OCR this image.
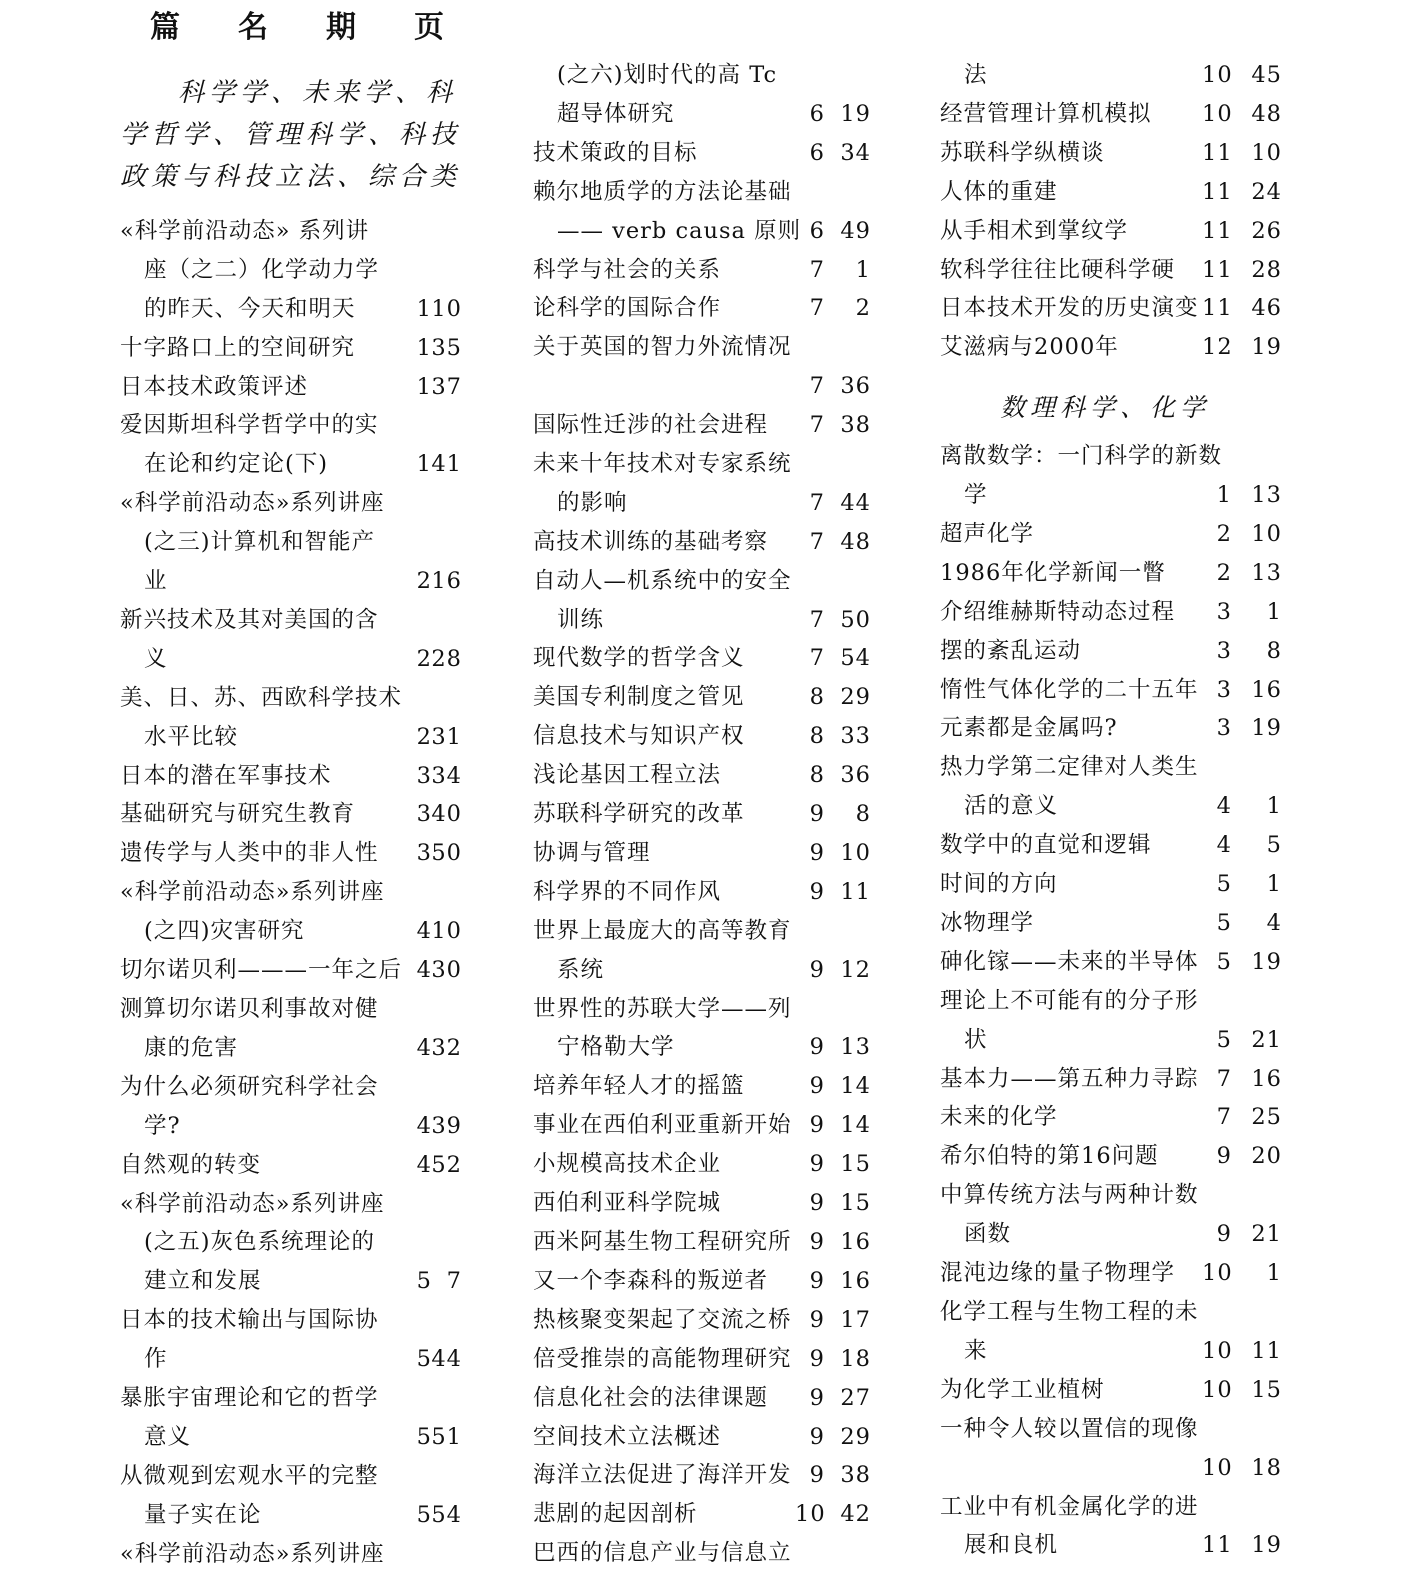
篇名期页
科学学、未来学、科学哲学、管理科学、科技政策与科技立法、综合类
«科学前沿动态» 系列讲
座（之二）化学动力学
的昨天、今天和明天	1 10
十字路口上的空间研究	1 35
日本技术政策评述	1 37
爱因斯坦科学哲学中的实
在论和约定论(下)	1 41
«科学前沿动态»系列讲座
(之三)计算机和智能产
业	2 16
新兴技术及其对美国的含
义	2 28
美、日、苏、西欧科学技术
水平比较	2 31
日本的潜在军事技术	3 34
基础研究与研究生教育	3 40
遗传学与人类中的非人性	3 50
«科学前沿动态»系列讲座
(之四)灾害研究	4 10
切尔诺贝利———一年之后 4 30
测算切尔诺贝利事故对健
康的危害	4 32
为什么必须研究科学社会
学?	4 39
自然观的转变	4 52
«科学前沿动态»系列讲座
(之五)灰色系统理论的
建立和发展	5 7
日本的技术输出与国际协
作	5 44
暴胀宇宙理论和它的哲学
意义	5 51
从微观到宏观水平的完整
量子实在论	5 54
«科学前沿动态»系列讲座
(之六)划时代的高 Tc
超导体研究	6 19
技术策政的目标	6 34
赖尔地质学的方法论基础
—— verb causa 原则 6 49
科学与社会的关系	7	1
论科学的国际合作	7	2
关于英国的智力外流情况
7 36
国际性迁涉的社会进程	7 38
未来十年技术对专家系统
的影响	7 44
高技术训练的基础考察	7 48
自动人—机系统中的安全
训练	7 50
现代数学的哲学含义	7 54
美国专利制度之管见	8 29
信息技术与知识产权	8 33
浅论基因工程立法	8 36
苏联科学研究的改革	9	8
协调与管理	9 10
科学界的不同作风	9 11
世界上最庞大的高等教育
系统	9 12
世界性的苏联大学——列
宁格勒大学	9 13
培养年轻人才的摇篮	9 14
事业在西伯利亚重新开始 9 14
小规模高技术企业	9 15
西伯利亚科学院城	9 15
西米阿基生物工程研究所 9 16
又一个李森科的叛逆者	9 16
热核聚变架起了交流之桥 9 17
倍受推崇的高能物理研究 9 18
信息化社会的法律课题	9 27
空间技术立法概述	9 29
海洋立法促进了海洋开发 9 38
悲剧的起因剖析	10 42
巴西的信息产业与信息立
数理科学、化学
法	10 45
经营管理计算机模拟 10 48
苏联科学纵横谈	11 10
人体的重建	11 24
从手相术到掌纹学	11 26
软科学往往比硬科学硬 11 28
日本技术开发的历史演变 11 46
艾滋病与2000年	12 19
离散数学：一门科学的新数
学	1 13
超声化学	2 10
1986年化学新闻一瞥	2 13
介绍维赫斯特动态过程	3	1
摆的紊乱运动	3	8
惰性气体化学的二十五年 3 16
元素都是金属吗?	3 19
热力学第二定律对人类生
活的意义	4	1
数学中的直觉和逻辑	4	5
时间的方向	5	1
冰物理学	5	4
砷化镓——未来的半导体 5 19
理论上不可能有的分子形
状	5 21
基本力——第五种力寻踪 7 16
未来的化学	7 25
希尔伯特的第16问题	9 20
中算传统方法与两种计数
函数	9 21
混沌边缘的量子物理学 10	1
化学工程与生物工程的未
来	10 11
为化学工业植树	10 15
一种令人较以置信的现像
10 18
工业中有机金属化学的进
展和良机	11 19
